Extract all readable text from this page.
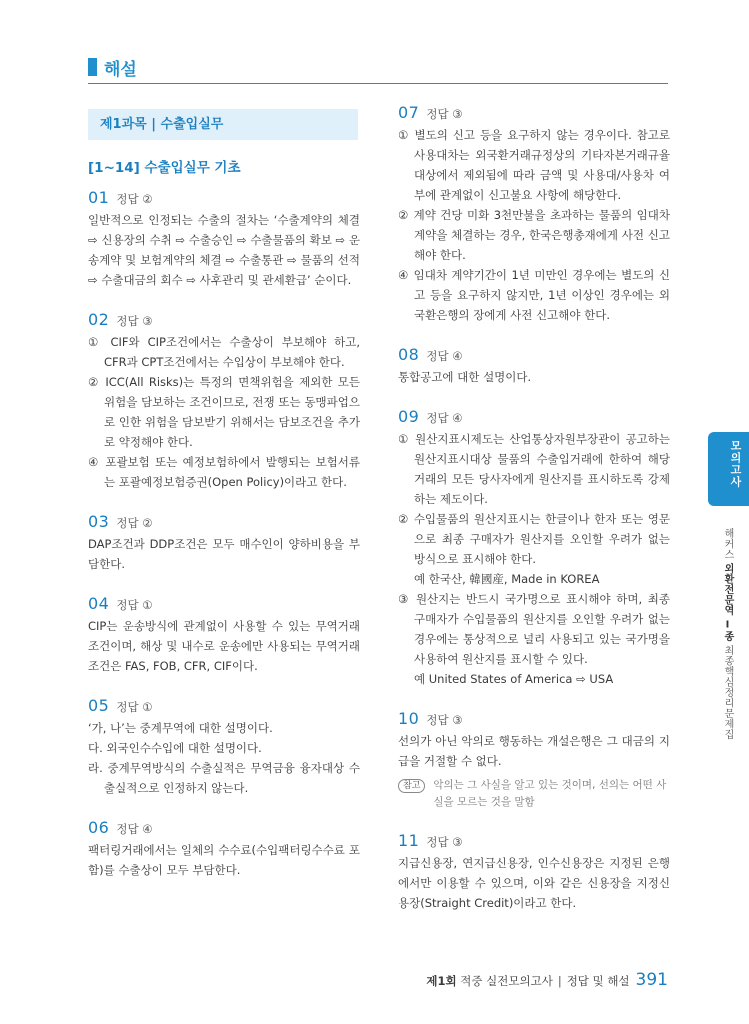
해설
제1과목 | 수출입실무
[1~14] 수출입실무 기초
01 정답 ②
일반적으로 인정되는 수출의 절차는 ‘수출계약의 체결 ⇨ 신용장의 수취 ⇨ 수출승인 ⇨ 수출물품의 확보 ⇨ 운송계약 및 보험계약의 체결 ⇨ 수출통관 ⇨ 물품의 선적 ⇨ 수출대금의 회수 ⇨ 사후관리 및 관세환급’ 순이다.
02 정답 ③
① CIF와 CIP조건에서는 수출상이 부보해야 하고, CFR과 CPT조건에서는 수입상이 부보해야 한다.
② ICC(All Risks)는 특정의 면책위험을 제외한 모든 위험을 담보하는 조건이므로, 전쟁 또는 동맹파업으로 인한 위험을 담보받기 위해서는 담보조건을 추가로 약정해야 한다.
④ 포괄보험 또는 예정보험하에서 발행되는 보험서류는 포괄예정보험증권(Open Policy)이라고 한다.
03 정답 ②
DAP조건과 DDP조건은 모두 매수인이 양하비용을 부담한다.
04 정답 ①
CIP는 운송방식에 관계없이 사용할 수 있는 무역거래조건이며, 해상 및 내수로 운송에만 사용되는 무역거래조건은 FAS, FOB, CFR, CIF이다.
05 정답 ①
‘가, 나’는 중계무역에 대한 설명이다.
다. 외국인수수입에 대한 설명이다.
라. 중계무역방식의 수출실적은 무역금융 융자대상 수출실적으로 인정하지 않는다.
06 정답 ④
팩터링거래에서는 일체의 수수료(수입팩터링수수료 포함)를 수출상이 모두 부담한다.
07 정답 ③
① 별도의 신고 등을 요구하지 않는 경우이다. 참고로 사용대차는 외국환거래규정상의 기타자본거래규율 대상에서 제외됨에 따라 금액 및 사용대/사용차 여부에 관계없이 신고불요 사항에 해당한다.
② 계약 건당 미화 3천만불을 초과하는 물품의 임대차계약을 체결하는 경우, 한국은행총재에게 사전 신고해야 한다.
④ 임대차 계약기간이 1년 미만인 경우에는 별도의 신고 등을 요구하지 않지만, 1년 이상인 경우에는 외국환은행의 장에게 사전 신고해야 한다.
08 정답 ④
통합공고에 대한 설명이다.
09 정답 ④
① 원산지표시제도는 산업통상자원부장관이 공고하는 원산지표시대상 물품의 수출입거래에 한하여 해당 거래의 모든 당사자에게 원산지를 표시하도록 강제하는 제도이다.
② 수입물품의 원산지표시는 한글이나 한자 또는 영문으로 최종 구매자가 원산지를 오인할 우려가 없는 방식으로 표시해야 한다.
예 한국산, 韓國産, Made in KOREA
③ 원산지는 반드시 국가명으로 표시해야 하며, 최종 구매자가 수입물품의 원산지를 오인할 우려가 없는 경우에는 통상적으로 널리 사용되고 있는 국가명을 사용하여 원산지를 표시할 수 있다.
예 United States of America ⇨ USA
10 정답 ③
선의가 아닌 악의로 행동하는 개설은행은 그 대금의 지급을 거절할 수 없다.
참고	악의는 그 사실을 알고 있는 것이며, 선의는 어떤 사실을 모르는 것을 말함
11 정답 ③
지급신용장, 연지급신용장, 인수신용장은 지정된 은행에서만 이용할 수 있으며, 이와 같은 신용장을 지정신용장(Straight Credit)이라고 한다.
모의고사
해커스 외환전문역 Ⅰ종 최종핵심정리문제집
제1회 적중 실전모의고사 | 정답 및 해설 391
